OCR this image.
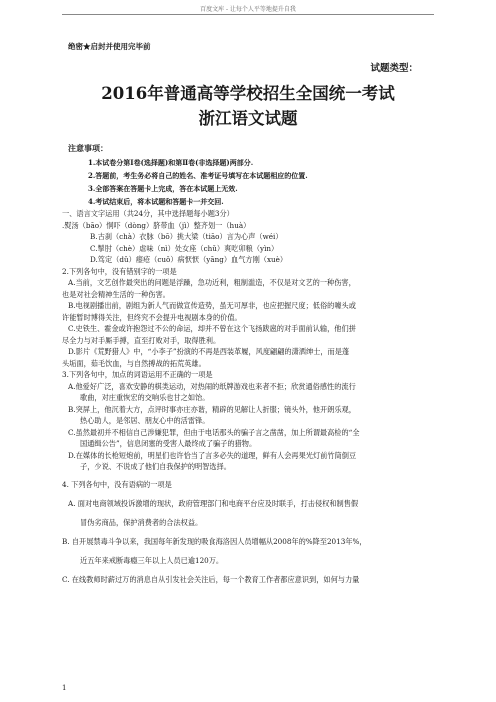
百度文库 - 让每个人平等地提升自我
绝密★启封并使用完毕前
试题类型：
2016年普通高等学校招生全国统一考试
浙江语文试题
注意事项：
1.本试卷分第Ⅰ卷(选择题)和第Ⅱ卷(非选择题)两部分.
2.答题前，考生务必将自己的姓名、准考证号填写在本试题相应的位置.
3.全部答案在答题卡上完成，答在本试题上无效.
4.考试结束后，将本试题和答题卡一并交回.
一、语言文字运用（共24分，其中选择题每小题3分）
.熨汤（bāo）恫吓（dòng）脐带血（jì）整齐划一（huà）
B.古刹（chà）衣脉（bō）挑大梁（tiāo）言为心声（wéi）
C.掣肘（chè）虐味（nì）处女座（chǔ）爽吃卯粮（yìn）
D.笃定（dǔ）瘗疮（cuǒ）病恹恹（yāng）血气方刚（xuè）
2.下列各句中，没有错别字的一项是
A.当前，文艺创作最突出的问题是浮躁，急功近利，粗制滥造，不仅是对文艺的一种伤害，
也是对社会精神生活的一种伤害。
B.电视剧播出前，剧组为新人气而做宣传造势，虽无可厚非，也应把握尺度；低俗的噱头或
许能暂时博得关注，但终究不会提升电视剧本身的价值。
C.史铁生、霍金或许抱怨过不公的命运，却并不曾在这个飞扬跋扈的对手面前认输，他们拼
尽全力与对手厮手搏，直至打败对手，取得胜利。
D.影片《荒野猎人》中，“小李子”扮演的不再是西装革履，风度翩翩的潇洒绅士，而是蓬
头垢面，茹毛饮血，与自然搏战的拓荒英雄。
3.下列各句中，加点的词语运用不正确的一项是
A.他爱好广泛，喜欢安静的棋类运动，对热闹的纸牌游戏也来者不拒；欣赏通俗感性的流行
歌曲，对庄重恢宏的交响乐也甘之如饴。
B.突屏上，他沉着大方，点评时事亦庄亦谐，精辟的见解让人折服；镜头外，他开朗乐观，
热心助人，是邻居、朋友心中的活雷锋。
C.虽然最初并不相信自己涉嫌犯罪，但由于电话那头的骗子言之凿凿，加上所谓最高检的“全
国通缉公告”，信息闭塞的受害人最终成了骗子的猎物。
D.在媒体的长枪短炮前，明星们也许恰当了言多必失的道理，鲜有人会再果光灯前竹筒倒豆
子，少说、不说成了他们自我保护的明智选择。
4. 下列各句中，没有语病的一项是
A. 面对电商领域投诉激增的现状，政府管理部门和电商平台应及时联手，打击侵权和制售假
冒伪劣商品，保护消费者的合法权益。
B. 自开展禁毒斗争以来，我国每年新发现的吸食海洛因人员增幅从2008年的%降至2013年%，
近五年来戒断毒瘾三年以上人员已逾120万。
C. 在线教师时薪过万的消息自从引发社会关注后，每一个教育工作者都应意识到，如何与力量
1
